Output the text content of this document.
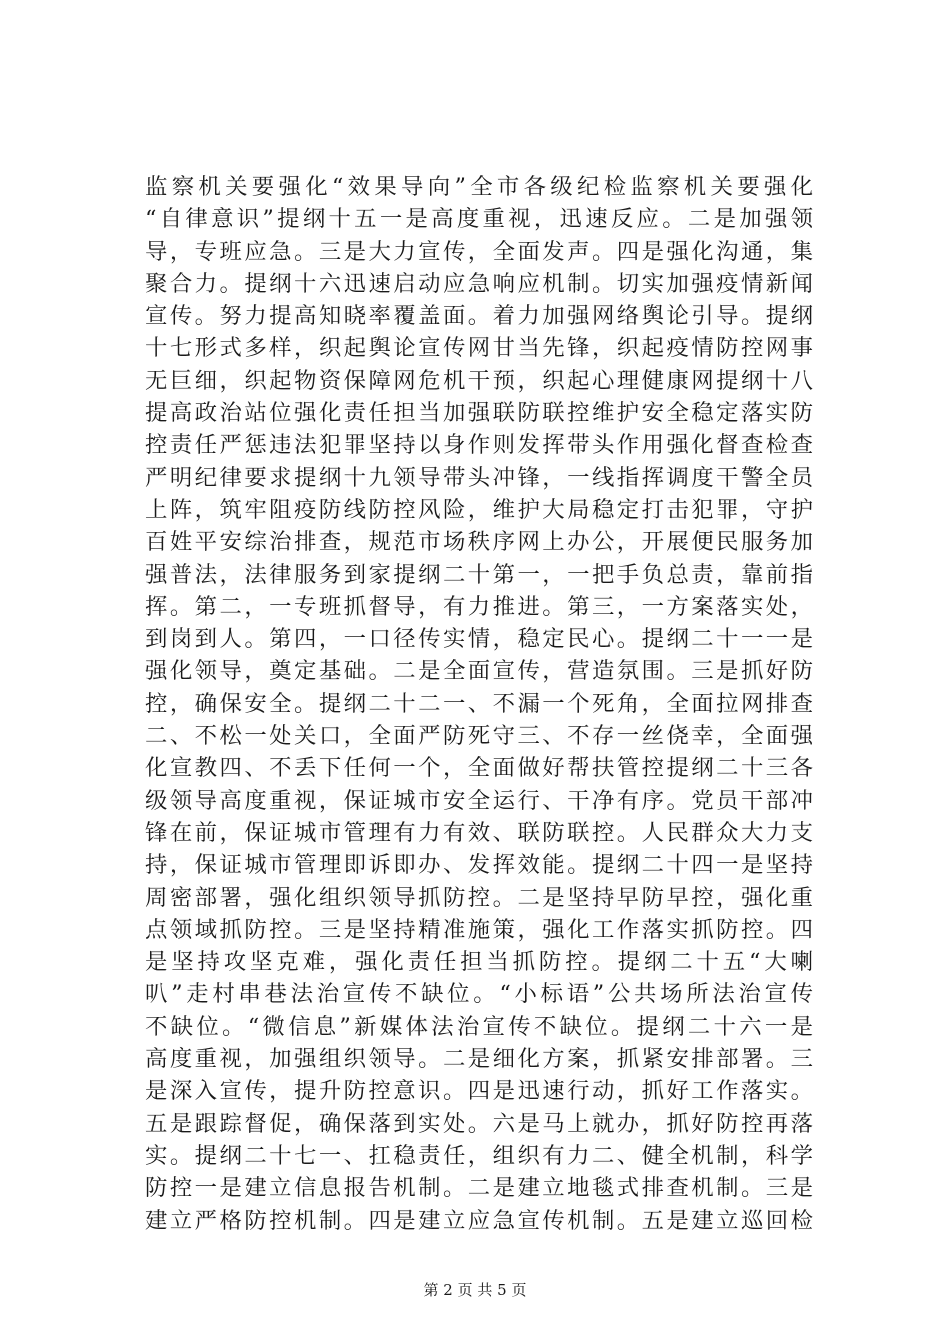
监察机关要强化“效果导向”全市各级纪检监察机关要强化
“自律意识”提纲十五一是高度重视，迅速反应。二是加强领
导，专班应急。三是大力宣传，全面发声。四是强化沟通，集
聚合力。提纲十六迅速启动应急响应机制。切实加强疫情新闻
宣传。努力提高知晓率覆盖面。着力加强网络舆论引导。提纲
十七形式多样，织起舆论宣传网甘当先锋，织起疫情防控网事
无巨细，织起物资保障网危机干预，织起心理健康网提纲十八
提高政治站位强化责任担当加强联防联控维护安全稳定落实防
控责任严惩违法犯罪坚持以身作则发挥带头作用强化督查检查
严明纪律要求提纲十九领导带头冲锋，一线指挥调度干警全员
上阵，筑牢阻疫防线防控风险，维护大局稳定打击犯罪，守护
百姓平安综治排查，规范市场秩序网上办公，开展便民服务加
强普法，法律服务到家提纲二十第一，一把手负总责，靠前指
挥。第二，一专班抓督导，有力推进。第三，一方案落实处，
到岗到人。第四，一口径传实情，稳定民心。提纲二十一一是
强化领导，奠定基础。二是全面宣传，营造氛围。三是抓好防
控，确保安全。提纲二十二一、不漏一个死角，全面拉网排查
二、不松一处关口，全面严防死守三、不存一丝侥幸，全面强
化宣教四、不丢下任何一个，全面做好帮扶管控提纲二十三各
级领导高度重视，保证城市安全运行、干净有序。党员干部冲
锋在前，保证城市管理有力有效、联防联控。人民群众大力支
持，保证城市管理即诉即办、发挥效能。提纲二十四一是坚持
周密部署，强化组织领导抓防控。二是坚持早防早控，强化重
点领域抓防控。三是坚持精准施策，强化工作落实抓防控。四
是坚持攻坚克难，强化责任担当抓防控。提纲二十五“大喇
叭”走村串巷法治宣传不缺位。“小标语”公共场所法治宣传
不缺位。“微信息”新媒体法治宣传不缺位。提纲二十六一是
高度重视，加强组织领导。二是细化方案，抓紧安排部署。三
是深入宣传，提升防控意识。四是迅速行动，抓好工作落实。
五是跟踪督促，确保落到实处。六是马上就办，抓好防控再落
实。提纲二十七一、扛稳责任，组织有力二、健全机制，科学
防控一是建立信息报告机制。二是建立地毯式排查机制。三是
建立严格防控机制。四是建立应急宣传机制。五是建立巡回检
第 2 页 共 5 页
